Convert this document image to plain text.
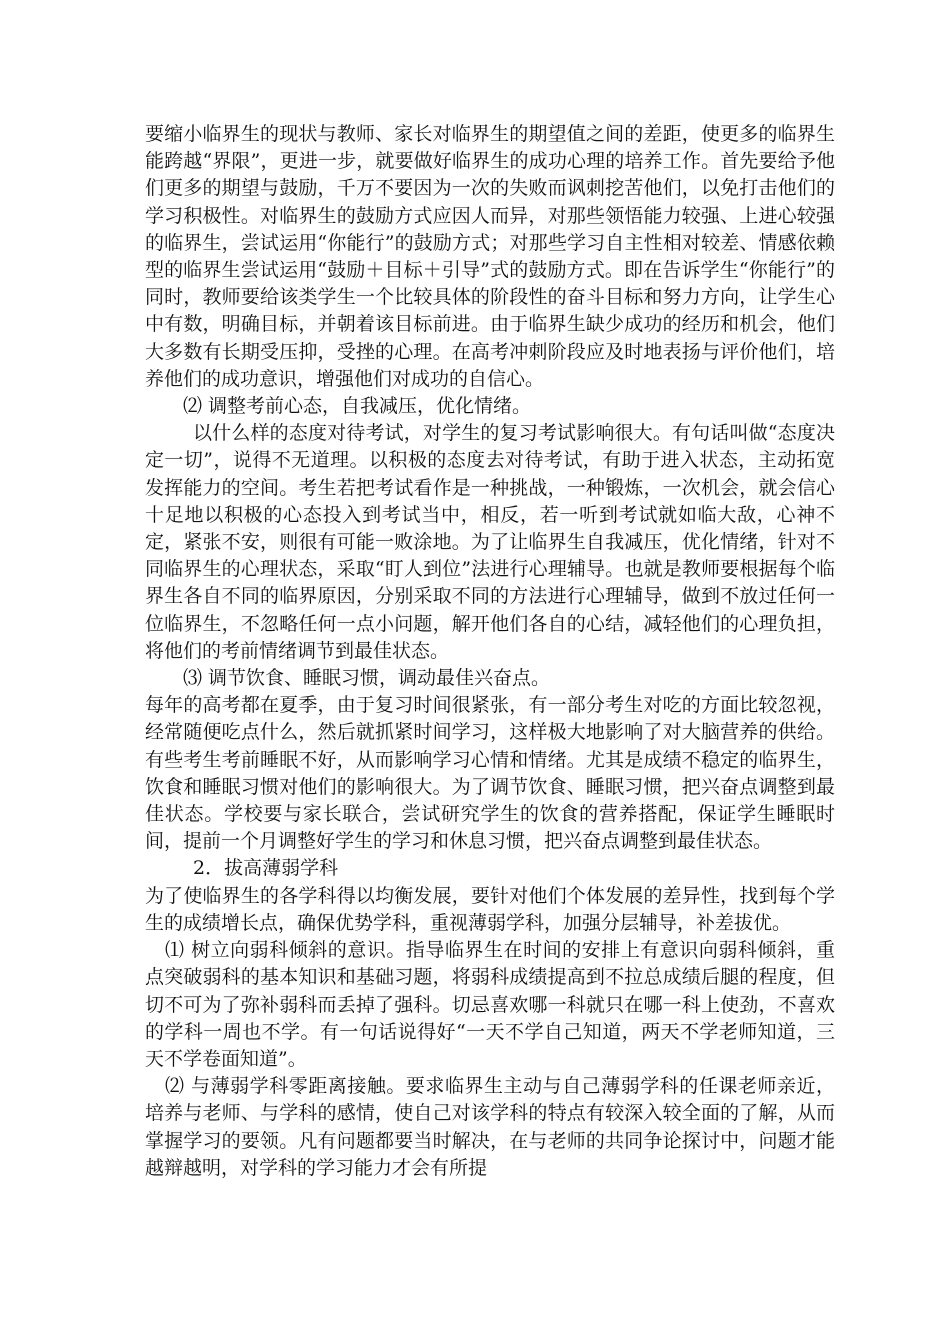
要缩小临界生的现状与教师、家长对临界生的期望值之间的差距，使更多的临界生能跨越“界限”，更进一步，就要做好临界生的成功心理的培养工作。首先要给予他们更多的期望与鼓励，千万不要因为一次的失败而讽刺挖苦他们，以免打击他们的学习积极性。对临界生的鼓励方式应因人而异，对那些领悟能力较强、上进心较强的临界生，尝试运用“你能行”的鼓励方式；对那些学习自主性相对较差、情感依赖型的临界生尝试运用“鼓励＋目标＋引导”式的鼓励方式。即在告诉学生“你能行”的同时，教师要给该类学生一个比较具体的阶段性的奋斗目标和努力方向，让学生心中有数，明确目标，并朝着该目标前进。由于临界生缺少成功的经历和机会，他们大多数有长期受压抑，受挫的心理。在高考冲刺阶段应及时地表扬与评价他们，培养他们的成功意识，增强他们对成功的自信心。

⑵ 调整考前心态，自我减压，优化情绪。

以什么样的态度对待考试，对学生的复习考试影响很大。有句话叫做“态度决定一切”，说得不无道理。以积极的态度去对待考试，有助于进入状态，主动拓宽发挥能力的空间。考生若把考试看作是一种挑战，一种锻炼，一次机会，就会信心十足地以积极的心态投入到考试当中，相反，若一听到考试就如临大敌，心神不定，紧张不安，则很有可能一败涂地。为了让临界生自我减压，优化情绪，针对不同临界生的心理状态，采取“盯人到位”法进行心理辅导。也就是教师要根据每个临界生各自不同的临界原因，分别采取不同的方法进行心理辅导，做到不放过任何一位临界生，不忽略任何一点小问题，解开他们各自的心结，减轻他们的心理负担，将他们的考前情绪调节到最佳状态。

⑶ 调节饮食、睡眠习惯，调动最佳兴奋点。

每年的高考都在夏季，由于复习时间很紧张，有一部分考生对吃的方面比较忽视，经常随便吃点什么，然后就抓紧时间学习，这样极大地影响了对大脑营养的供给。有些考生考前睡眠不好，从而影响学习心情和情绪。尤其是成绩不稳定的临界生，饮食和睡眠习惯对他们的影响很大。为了调节饮食、睡眠习惯，把兴奋点调整到最佳状态。学校要与家长联合，尝试研究学生的饮食的营养搭配，保证学生睡眠时间，提前一个月调整好学生的学习和休息习惯，把兴奋点调整到最佳状态。

2．拔高薄弱学科

为了使临界生的各学科得以均衡发展，要针对他们个体发展的差异性，找到每个学生的成绩增长点，确保优势学科，重视薄弱学科，加强分层辅导，补差拔优。

⑴ 树立向弱科倾斜的意识。指导临界生在时间的安排上有意识向弱科倾斜，重点突破弱科的基本知识和基础习题，将弱科成绩提高到不拉总成绩后腿的程度，但切不可为了弥补弱科而丢掉了强科。切忌喜欢哪一科就只在哪一科上使劲，不喜欢的学科一周也不学。有一句话说得好“一天不学自己知道，两天不学老师知道，三天不学卷面知道”。

⑵ 与薄弱学科零距离接触。要求临界生主动与自己薄弱学科的任课老师亲近，培养与老师、与学科的感情，使自己对该学科的特点有较深入较全面的了解，从而掌握学习的要领。凡有问题都要当时解决，在与老师的共同争论探讨中，问题才能越辩越明，对学科的学习能力才会有所提
